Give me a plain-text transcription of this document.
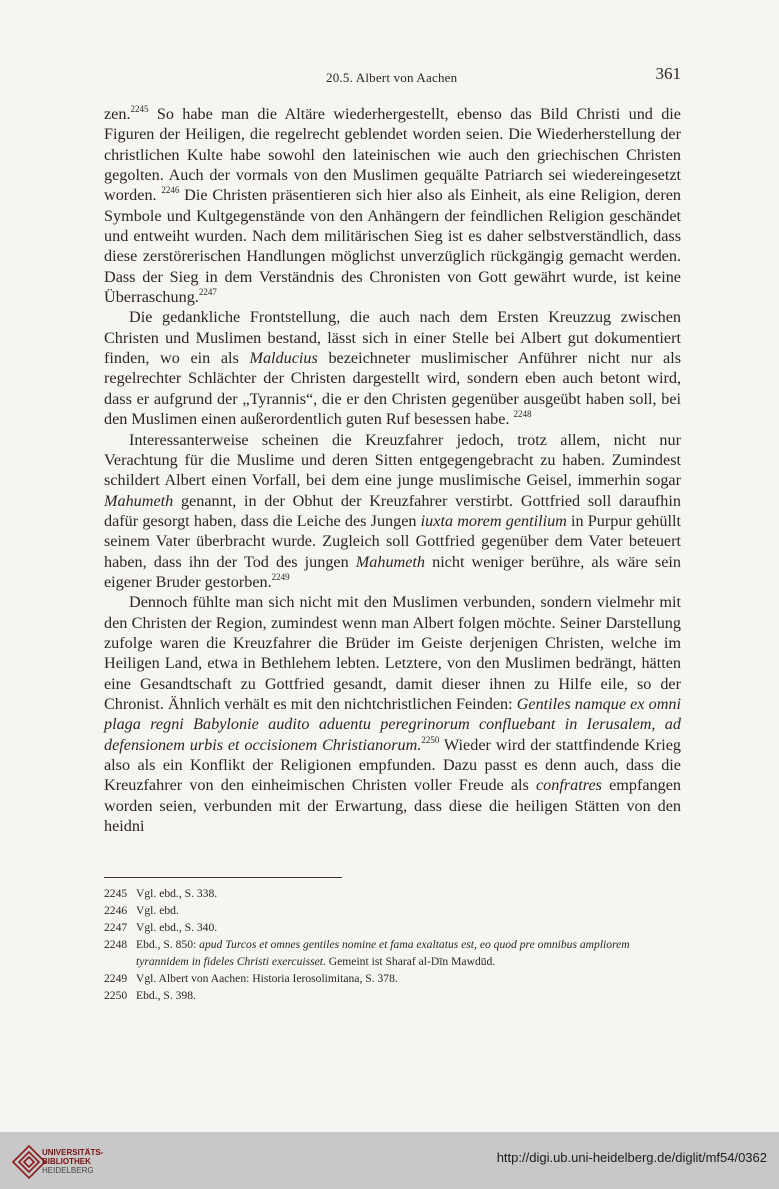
20.5. Albert von Aachen	361

zen.$^{2245}$ So habe man die Altäre wiederhergestellt, ebenso das Bild Christi und die Figuren der Heiligen, die regelrecht geblendet worden seien. Die Wiederherstellung der christlichen Kulte habe sowohl den lateinischen wie auch den griechischen Christen gegolten. Auch der vormals von den Muslimen gequälte Patriarch sei wiedereingesetzt worden. $^{2246}$ Die Christen präsentieren sich hier also als Einheit, als eine Religion, deren Symbole und Kultgegenstände von den Anhängern der feindlichen Religion geschändet und entweiht wurden. Nach dem militärischen Sieg ist es daher selbstverständlich, dass diese zerstörerischen Handlungen möglichst unverzüglich rückgängig gemacht werden. Dass der Sieg in dem Verständnis des Chronisten von Gott gewährt wurde, ist keine Überraschung.$^{2247}$

Die gedankliche Frontstellung, die auch nach dem Ersten Kreuzzug zwischen Christen und Muslimen bestand, lässt sich in einer Stelle bei Albert gut dokumentiert finden, wo ein als Malducius bezeichneter muslimischer Anführer nicht nur als regelrechter Schlächter der Christen dargestellt wird, sondern eben auch betont wird, dass er aufgrund der „Tyrannis“, die er den Christen gegenüber ausgeübt haben soll, bei den Muslimen einen außerordentlich guten Ruf besessen habe. $^{2248}$

Interessanterweise scheinen die Kreuzfahrer jedoch, trotz allem, nicht nur Verachtung für die Muslime und deren Sitten entgegengebracht zu haben. Zumindest schildert Albert einen Vorfall, bei dem eine junge muslimische Geisel, immerhin sogar Mahumeth genannt, in der Obhut der Kreuzfahrer verstirbt. Gottfried soll daraufhin dafür gesorgt haben, dass die Leiche des Jungen iuxta morem gentilium in Purpur gehüllt seinem Vater überbracht wurde. Zugleich soll Gottfried gegenüber dem Vater beteuert haben, dass ihn der Tod des jungen Mahumeth nicht weniger berühre, als wäre sein eigener Bruder gestorben.$^{2249}$

Dennoch fühlte man sich nicht mit den Muslimen verbunden, sondern vielmehr mit den Christen der Region, zumindest wenn man Albert folgen möchte. Seiner Darstellung zufolge waren die Kreuzfahrer die Brüder im Geiste derjenigen Christen, welche im Heiligen Land, etwa in Bethlehem lebten. Letztere, von den Muslimen bedrängt, hätten eine Gesandtschaft zu Gottfried gesandt, damit dieser ihnen zu Hilfe eile, so der Chronist. Ähnlich verhält es mit den nichtchristlichen Feinden: Gentiles namque ex omni plaga regni Babylonie audito aduentu peregrinorum confluebant in Ierusalem, ad defensionem urbis et occisionem Christianorum.$^{2250}$ Wieder wird der stattfindende Krieg also als ein Konflikt der Religionen empfunden. Dazu passt es denn auch, dass die Kreuzfahrer von den einheimischen Christen voller Freude als confratres empfangen worden seien, verbunden mit der Erwartung, dass diese die heiligen Stätten von den heidni

2245 Vgl. ebd., S. 338.
2246 Vgl. ebd.
2247 Vgl. ebd., S. 340.
2248 Ebd., S. 850: apud Turcos et omnes gentiles nomine et fama exaltatus est, eo quod pre omnibus ampliorem tyrannidem in fideles Christi exercuisset. Gemeint ist Sharaf al-Dīn Mawdūd.
2249 Vgl. Albert von Aachen: Historia Ierosolimitana, S. 378.
2250 Ebd., S. 398.
UNIVERSITÄTS-
BIBLIOTHEK
HEIDELBERG
http://digi.ub.uni-heidelberg.de/diglit/mf54/0362
